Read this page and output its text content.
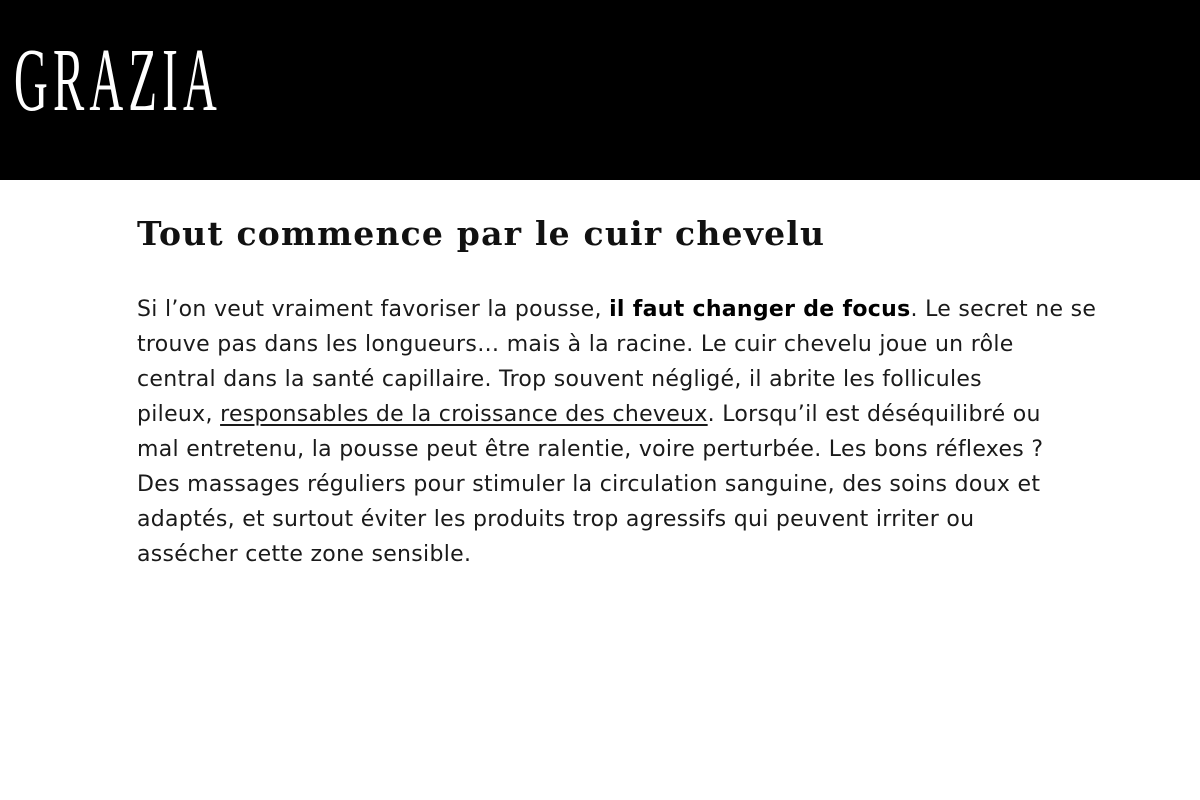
GRAZIA
Tout commence par le cuir chevelu

Si l’on veut vraiment favoriser la pousse, il faut changer de focus. Le secret ne se
trouve pas dans les longueurs… mais à la racine. Le cuir chevelu joue un rôle
central dans la santé capillaire. Trop souvent négligé, il abrite les follicules
pileux, responsables de la croissance des cheveux. Lorsqu’il est déséquilibré ou
mal entretenu, la pousse peut être ralentie, voire perturbée. Les bons réflexes ?
Des massages réguliers pour stimuler la circulation sanguine, des soins doux et
adaptés, et surtout éviter les produits trop agressifs qui peuvent irriter ou
assécher cette zone sensible.
